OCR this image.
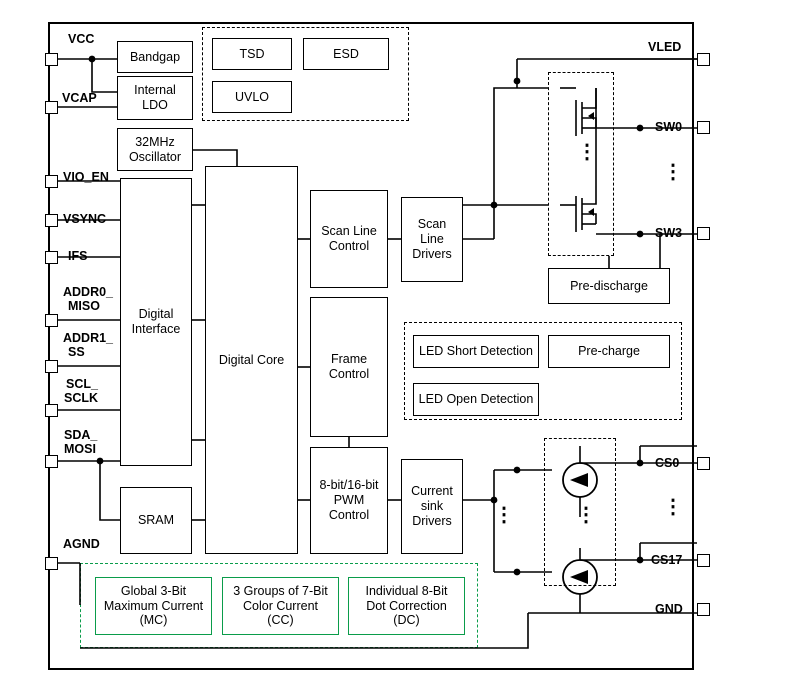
VCC
VCAP
VIO_EN
VSYNC
IFS
ADDR0_
MISO
ADDR1_
SS
SCL_
SCLK
SDA_
MOSI
AGND
VLED
SW0
SW3
CS0
CS17
GND
Bandgap
Internal
LDO
TSD	ESD
UVLO
32MHz
Oscillator
Digital
Interface
SRAM
Digital Core
Scan Line
Control
Frame
Control
8-bit/16-bit
PWM
Control
Scan
Line
Drivers
Current
sink
Drivers
Pre-discharge
LED Short Detection
LED Open Detection
Pre-charge
Global 3-Bit
Maximum Current
(MC)
3 Groups of 7-Bit
Color Current
(CC)
Individual 8-Bit
Dot Correction
(DC)
⋮
⋮
⋮	⋮
⋮
